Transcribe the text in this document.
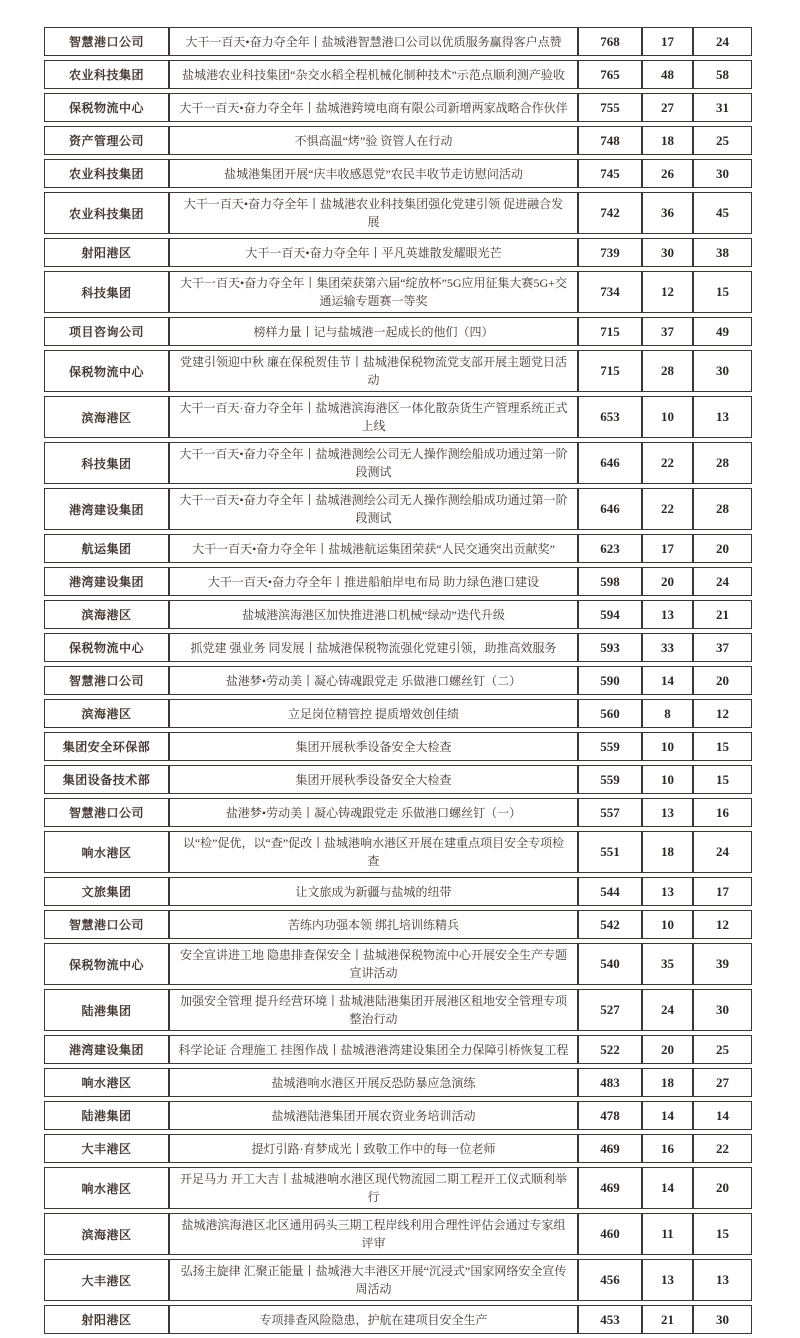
智慧港口公司	大干一百天•奋力夺全年丨盐城港智慧港口公司以优质服务赢得客户点赞	768	17	24
农业科技集团	盐城港农业科技集团“杂交水稻全程机械化制种技术”示范点顺利测产验收	765	48	58
保税物流中心	大干一百天•奋力夺全年丨盐城港跨境电商有限公司新增两家战略合作伙伴	755	27	31
资产管理公司	不惧高温“烤”验 资管人在行动	748	18	25
农业科技集团	盐城港集团开展“庆丰收感恩党”农民丰收节走访慰问活动	745	26	30
农业科技集团	大干一百天•奋力夺全年丨盐城港农业科技集团强化党建引领 促进融合发展	742	36	45
射阳港区	大干一百天•奋力夺全年丨平凡英雄散发耀眼光芒	739	30	38
科技集团	大干一百天•奋力夺全年丨集团荣获第六届“绽放杯”5G应用征集大赛5G+交通运输专题赛一等奖	734	12	15
项目咨询公司	榜样力量丨记与盐城港一起成长的他们（四）	715	37	49
保税物流中心	党建引领迎中秋 廉在保税贺佳节丨盐城港保税物流党支部开展主题党日活动	715	28	30
滨海港区	大干一百天·奋力夺全年丨盐城港滨海港区一体化散杂货生产管理系统正式上线	653	10	13
科技集团	大干一百天•奋力夺全年丨盐城港测绘公司无人操作测绘船成功通过第一阶段测试	646	22	28
港湾建设集团	大干一百天•奋力夺全年丨盐城港测绘公司无人操作测绘船成功通过第一阶段测试	646	22	28
航运集团	大干一百天•奋力夺全年丨盐城港航运集团荣获“人民交通突出贡献奖”	623	17	20
港湾建设集团	大干一百天•奋力夺全年丨推进船舶岸电布局 助力绿色港口建设	598	20	24
滨海港区	盐城港滨海港区加快推进港口机械“绿动”迭代升级	594	13	21
保税物流中心	抓党建 强业务 同发展丨盐城港保税物流强化党建引领，助推高效服务	593	33	37
智慧港口公司	盐港梦•劳动美丨凝心铸魂跟党走 乐做港口螺丝钉（二）	590	14	20
滨海港区	立足岗位精管控 提质增效创佳绩	560	8	12
集团安全环保部	集团开展秋季设备安全大检查	559	10	15
集团设备技术部	集团开展秋季设备安全大检查	559	10	15
智慧港口公司	盐港梦•劳动美丨凝心铸魂跟党走 乐做港口螺丝钉（一）	557	13	16
响水港区	以“检”促优，以“查”促改丨盐城港响水港区开展在建重点项目安全专项检查	551	18	24
文旅集团	让文旅成为新疆与盐城的纽带	544	13	17
智慧港口公司	苦练内功强本领 绑扎培训练精兵	542	10	12
保税物流中心	安全宣讲进工地 隐患排查保安全丨盐城港保税物流中心开展安全生产专题宣讲活动	540	35	39
陆港集团	加强安全管理 提升经营环境丨盐城港陆港集团开展港区租地安全管理专项整治行动	527	24	30
港湾建设集团	科学论证 合理施工 挂图作战丨盐城港港湾建设集团全力保障引桥恢复工程	522	20	25
响水港区	盐城港响水港区开展反恐防暴应急演练	483	18	27
陆港集团	盐城港陆港集团开展农资业务培训活动	478	14	14
大丰港区	提灯引路·育梦成光丨致敬工作中的每一位老师	469	16	22
响水港区	开足马力 开工大吉丨盐城港响水港区现代物流园二期工程开工仪式顺利举行	469	14	20
滨海港区	盐城港滨海港区北区通用码头三期工程岸线利用合理性评估会通过专家组评审	460	11	15
大丰港区	弘扬主旋律 汇聚正能量丨盐城港大丰港区开展“沉浸式”国家网络安全宣传周活动	456	13	13
射阳港区	专项排查风险隐患，护航在建项目安全生产	453	21	30
